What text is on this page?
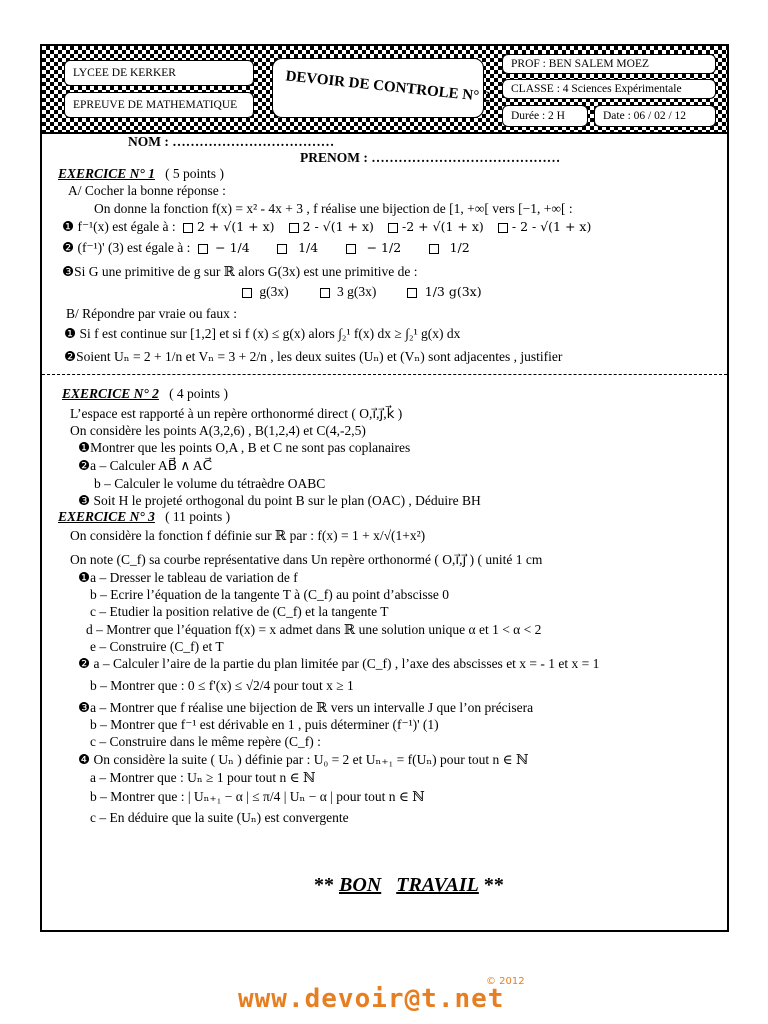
LYCEE DE KERKER
EPREUVE DE MATHEMATIQUE	DEVOIR DE CONTROLE N° 2
PROF : BEN SALEM MOEZ
CLASSE : 4 Sciences Expérimentale
Durée : 2 H	Date : 06 / 02 / 12
NOM : ………………………………
PRENOM : ……………………………………
EXERCICE N° 1 ( 5 points )
A/ Cocher la bonne réponse :
On donne la fonction f(x) = x² - 4x + 3 , f réalise une bijection de [1, +∞[ vers [−1, +∞[ :
❶ f⁻¹(x) est égale à : 2 + √(1 + x) 2 - √(1 + x) -2 + √(1 + x) - 2 - √(1 + x)
❷ (f⁻¹)' (3) est égale à : − 1/4	1/4	− 1/2	1/2
❸Si G une primitive de g sur ℝ alors G(3x) est une primitive de :
g(3x)	3 g(3x)	1/3 g(3x)
B/ Répondre par vraie ou faux :
❶ Si f est continue sur [1,2] et si f (x) ≤ g(x) alors ∫₂¹ f(x) dx ≥ ∫₂¹ g(x) dx
❷Soient Uₙ = 2 + 1/n et Vₙ = 3 + 2/n , les deux suites (Uₙ) et (Vₙ) sont adjacentes , justifier
EXERCICE N° 2 ( 4 points )
L’espace est rapporté à un repère orthonormé direct ( O,i⃗,j⃗,k⃗ )
On considère les points A(3,2,6) , B(1,2,4) et C(4,-2,5)
❶Montrer que les points O,A , B et C ne sont pas coplanaires
❷a – Calculer AB⃗ ∧ AC⃗
b – Calculer le volume du tétraèdre OABC
❸ Soit H le projeté orthogonal du point B sur le plan (OAC) , Déduire BH
EXERCICE N° 3 ( 11 points )
On considère la fonction f définie sur ℝ par : f(x) = 1 + x/√(1+x²)
On note (C_f) sa courbe représentative dans Un repère orthonormé ( O,i⃗,j⃗ ) ( unité 1 cm
❶a – Dresser le tableau de variation de f
b – Ecrire l’équation de la tangente T à (C_f) au point d’abscisse 0
c – Etudier la position relative de (C_f) et la tangente T
d – Montrer que l’équation f(x) = x admet dans ℝ une solution unique α et 1 < α < 2
e – Construire (C_f) et T
❷ a – Calculer l’aire de la partie du plan limitée par (C_f) , l’axe des abscisses et x = - 1 et x = 1
b – Montrer que : 0 ≤ f'(x) ≤ √2/4 pour tout x ≥ 1
❸a – Montrer que f réalise une bijection de ℝ vers un intervalle J que l’on précisera
b – Montrer que f⁻¹ est dérivable en 1 , puis déterminer (f⁻¹)' (1)
c – Construire dans le même repère (C_f) :
❹ On considère la suite ( Uₙ ) définie par : U₀ = 2 et Uₙ₊₁ = f(Uₙ) pour tout n ∈ ℕ
a – Montrer que : Uₙ ≥ 1 pour tout n ∈ ℕ
b – Montrer que : | Uₙ₊₁ − α | ≤ π/4 | Uₙ − α | pour tout n ∈ ℕ
c – En déduire que la suite (Uₙ) est convergente
** BON TRAVAIL **
www.devoir@t.net
© 2012
